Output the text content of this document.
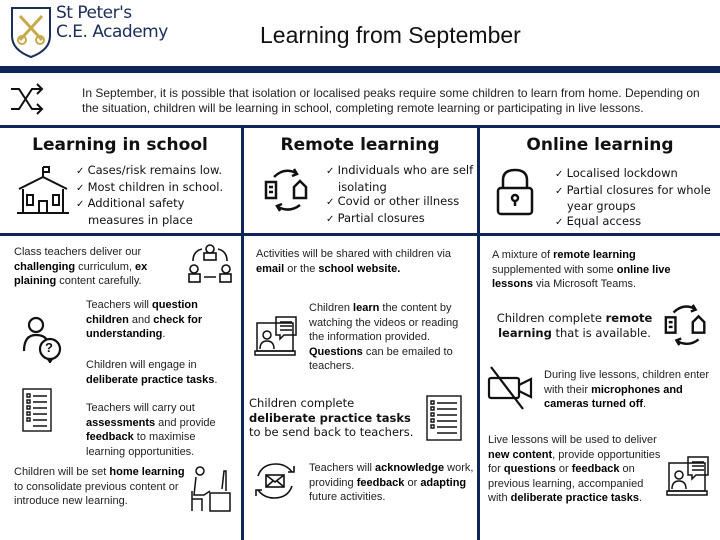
St Peter's
C.E. Academy	Learning from September
In September, it is possible that isolation or localised peaks require some children to learn from home. Depending on the situation, children will be learning in school, completing remote learning or participating in live lessons.
Learning in school	Remote learning	Online learning
✓ Cases/risk remains low.
✓ Most children in school.
✓ Additional safety measures in place
✓ Individuals who are self isolating
✓ Covid or other illness
✓ Partial closures
✓ Localised lockdown
✓ Partial closures for whole year groups
✓ Equal access
Class teachers deliver our challenging curriculum, ex plaining content carefully.
?
Teachers will question children and check for understanding.
Children will engage in deliberate practice tasks.
Teachers will carry out assessments and provide feedback to maximise learning opportunities.
Children will be set home learning to consolidate previous content or introduce new learning.
Activities will be shared with children via email or the school website.
Children learn the content by watching the videos or reading the information provided. Questions can be emailed to teachers.
Children complete deliberate practice tasks to be send back to teachers.
Teachers will acknowledge work, providing feedback or adapting future activities.
A mixture of remote learning supplemented with some online live lessons via Microsoft Teams.
Children complete remote learning that is available.
During live lessons, children enter with their microphones and cameras turned off.
Live lessons will be used to deliver new content, provide opportunities for questions or feedback on previous learning, accompanied with deliberate practice tasks.
